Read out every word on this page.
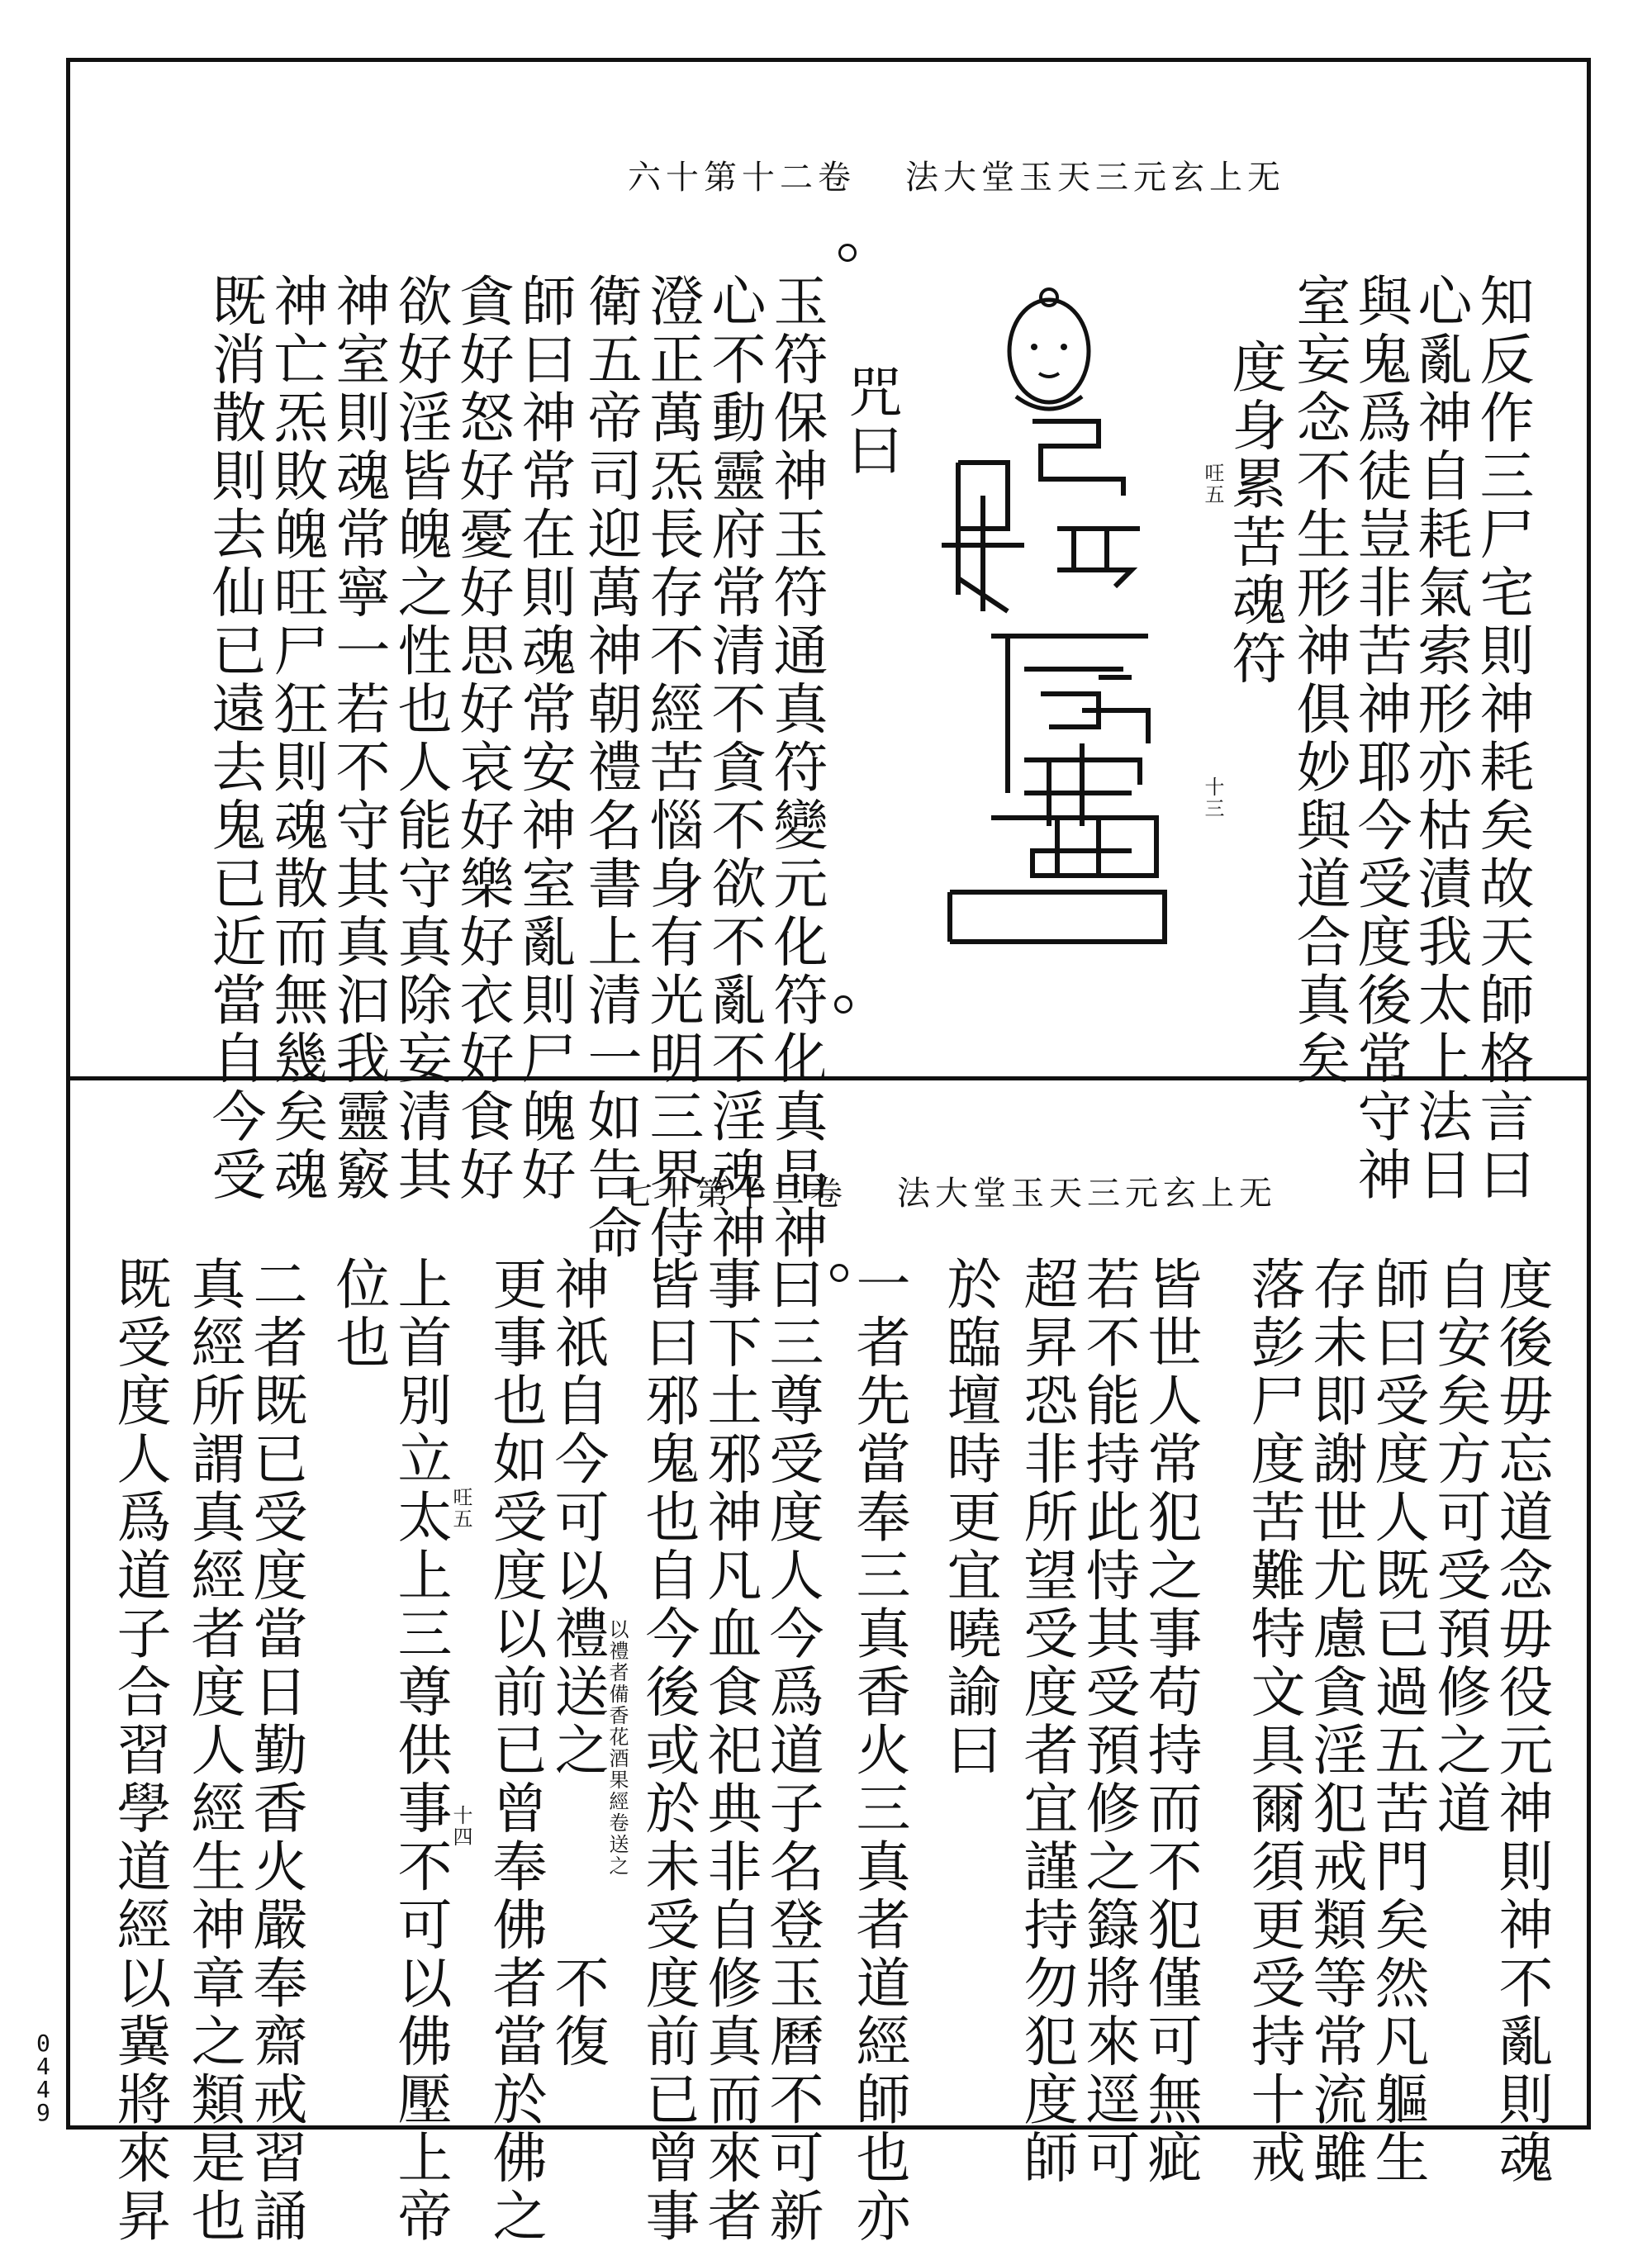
无上玄元三天玉堂大法卷二十第十六
知反作三尸宅則神耗矣故天師格言曰
心亂神自耗氣索形亦枯漬我太上法日
與鬼爲徒豈非苦神耶今受度後常守神
室妄念不生形神俱妙與道合真矣
度身累苦魂符
㕵五
十三
咒曰
玉符保神玉符通真符變元化符化真晶神
心不動靈府常清不貪不欲不亂不淫魂神
澄正萬炁長存不經苦惱身有光明三界侍
衛五帝司迎萬神朝禮名書上清一如告命
師曰神常在則魂常安神室亂則尸魄好
貪好怒好憂好思好哀好樂好衣好食好
欲好淫皆魄之性也人能守真除妄清其
神室則魂常寧一若不守其真汩我靈竅
神亡炁敗魄旺尸狂則魂散而無幾矣魂
既消散則去仙已遠去鬼已近當自今受	无上玄元三天玉堂大法卷二十第十七
度後毋忘道念毋役元神則神不亂則魂
自安矣方可受預修之道
師曰受度人既已過五苦門矣然凡軀生
存未即謝世尤慮貪淫犯戒類等常流雖
落彭尸度苦難特文具爾須更受持十戒
皆世人常犯之事苟持而不犯僅可無疵
若不能持此恃其受預修之籙將來逕可
超昇恐非所望受度者宜謹持勿犯度師
於臨壇時更宜曉諭曰
一者先當奉三真香火三真者道經師也亦
曰三尊受度人今爲道子名登玉曆不可新
事下土邪神凡血食祀典非自修真而來者
皆曰邪鬼也自今後或於未受度前已曾事
神祇自今可以禮送之　　　不復
以禮者備香花酒果經卷送之
更事也如受度以前已曾奉佛者當於佛之
㕵五
十四
上首別立太上三尊供事不可以佛壓上帝
位也
二者既已受度當日勤香火嚴奉齋戒習誦
真經所謂真經者度人經生神章之類是也
既受度人爲道子合習學道經以冀將來昇
0449
